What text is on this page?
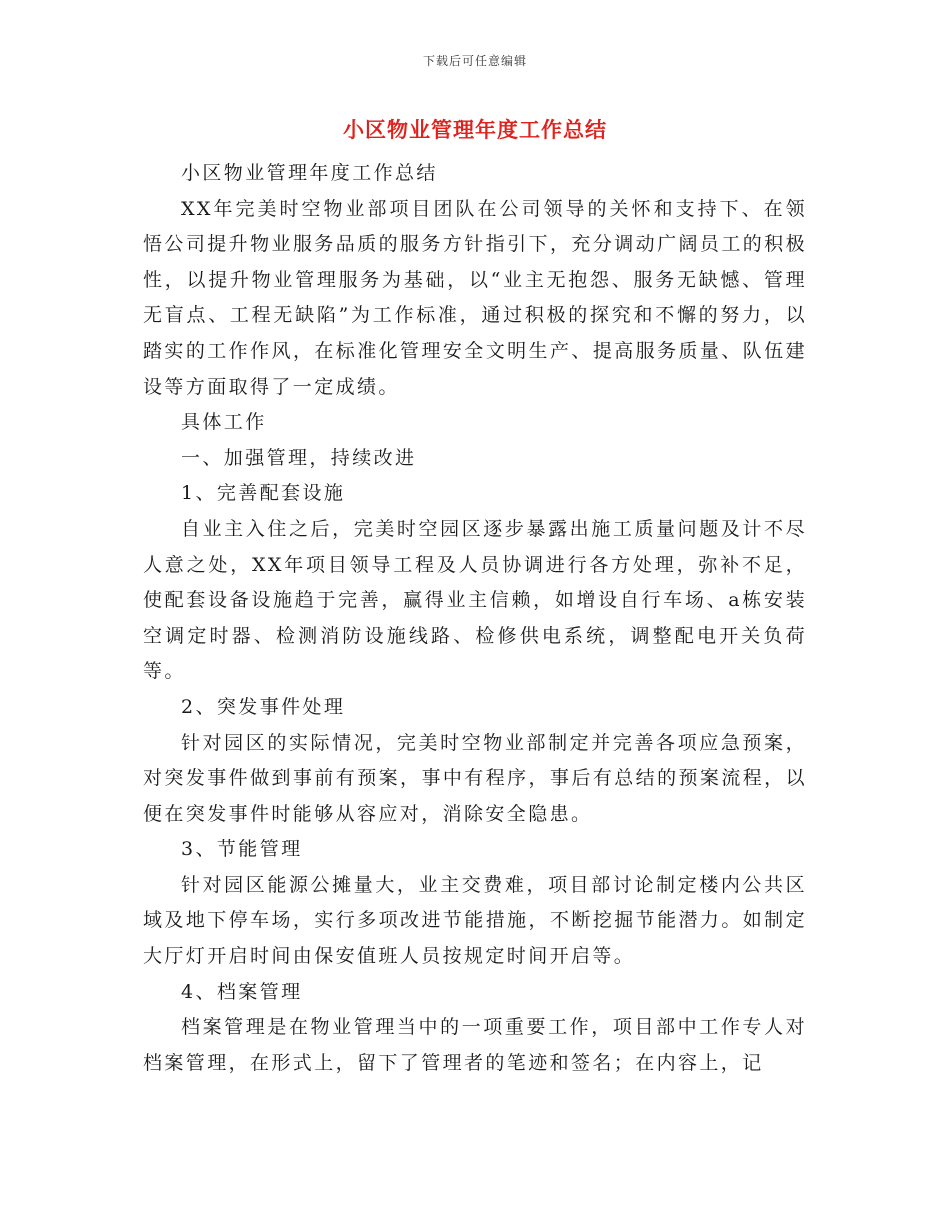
下载后可任意编辑
小区物业管理年度工作总结

小区物业管理年度工作总结

XX年完美时空物业部项目团队在公司领导的关怀和支持下、在领悟公司提升物业服务品质的服务方针指引下，充分调动广阔员工的积极性，以提升物业管理服务为基础，以“业主无抱怨、服务无缺憾、管理无盲点、工程无缺陷”为工作标准，通过积极的探究和不懈的努力，以踏实的工作作风，在标准化管理安全文明生产、提高服务质量、队伍建设等方面取得了一定成绩。

具体工作

一、加强管理，持续改进

1、完善配套设施

自业主入住之后，完美时空园区逐步暴露出施工质量问题及计不尽人意之处，XX年项目领导工程及人员协调进行各方处理，弥补不足，使配套设备设施趋于完善，赢得业主信赖，如增设自行车场、a栋安装空调定时器、检测消防设施线路、检修供电系统，调整配电开关负荷等。

2、突发事件处理

针对园区的实际情况，完美时空物业部制定并完善各项应急预案，对突发事件做到事前有预案，事中有程序，事后有总结的预案流程，以便在突发事件时能够从容应对，消除安全隐患。

3、节能管理

针对园区能源公摊量大，业主交费难，项目部讨论制定楼内公共区域及地下停车场，实行多项改进节能措施，不断挖掘节能潜力。如制定大厅灯开启时间由保安值班人员按规定时间开启等。

4、档案管理

档案管理是在物业管理当中的一项重要工作，项目部中工作专人对档案管理，在形式上，留下了管理者的笔迹和签名；在内容上，记
